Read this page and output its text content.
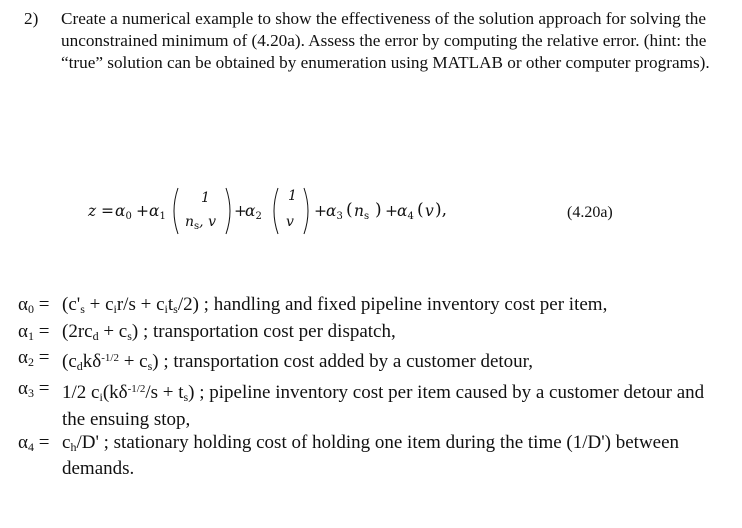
2) Create a numerical example to show the effectiveness of the solution approach for solving the unconstrained minimum of (4.20a). Assess the error by computing the relative error. (hint: the “true” solution can be obtained by enumeration using MATLAB or other computer programs).
$z = \alpha_0 + \alpha_1$
1
$n_s$, v
+
$\alpha_2$
1
v
+ $\alpha_3$ ( $n_s$ ) + $\alpha_4$ ( v ),	(4.20a)
$\alpha_0 = (c'_s + c_ir/s + c_it_s/2)$ ; handling and fixed pipeline inventory cost per item,
$\alpha_1 = (2rc_d + c_s)$ ; transportation cost per dispatch,
$\alpha_2 = (c_dk\delta^{-1/2} + c_s)$ ; transportation cost added by a customer detour,
$\alpha_3 = 1/2$ $c_i(k\delta^{-1/2}/s + t_s)$ ; pipeline inventory cost per item caused by a customer detour and the ensuing stop,
$\alpha_4 = c_h/D'$ ; stationary holding cost of holding one item during the time (1/D') between demands.
